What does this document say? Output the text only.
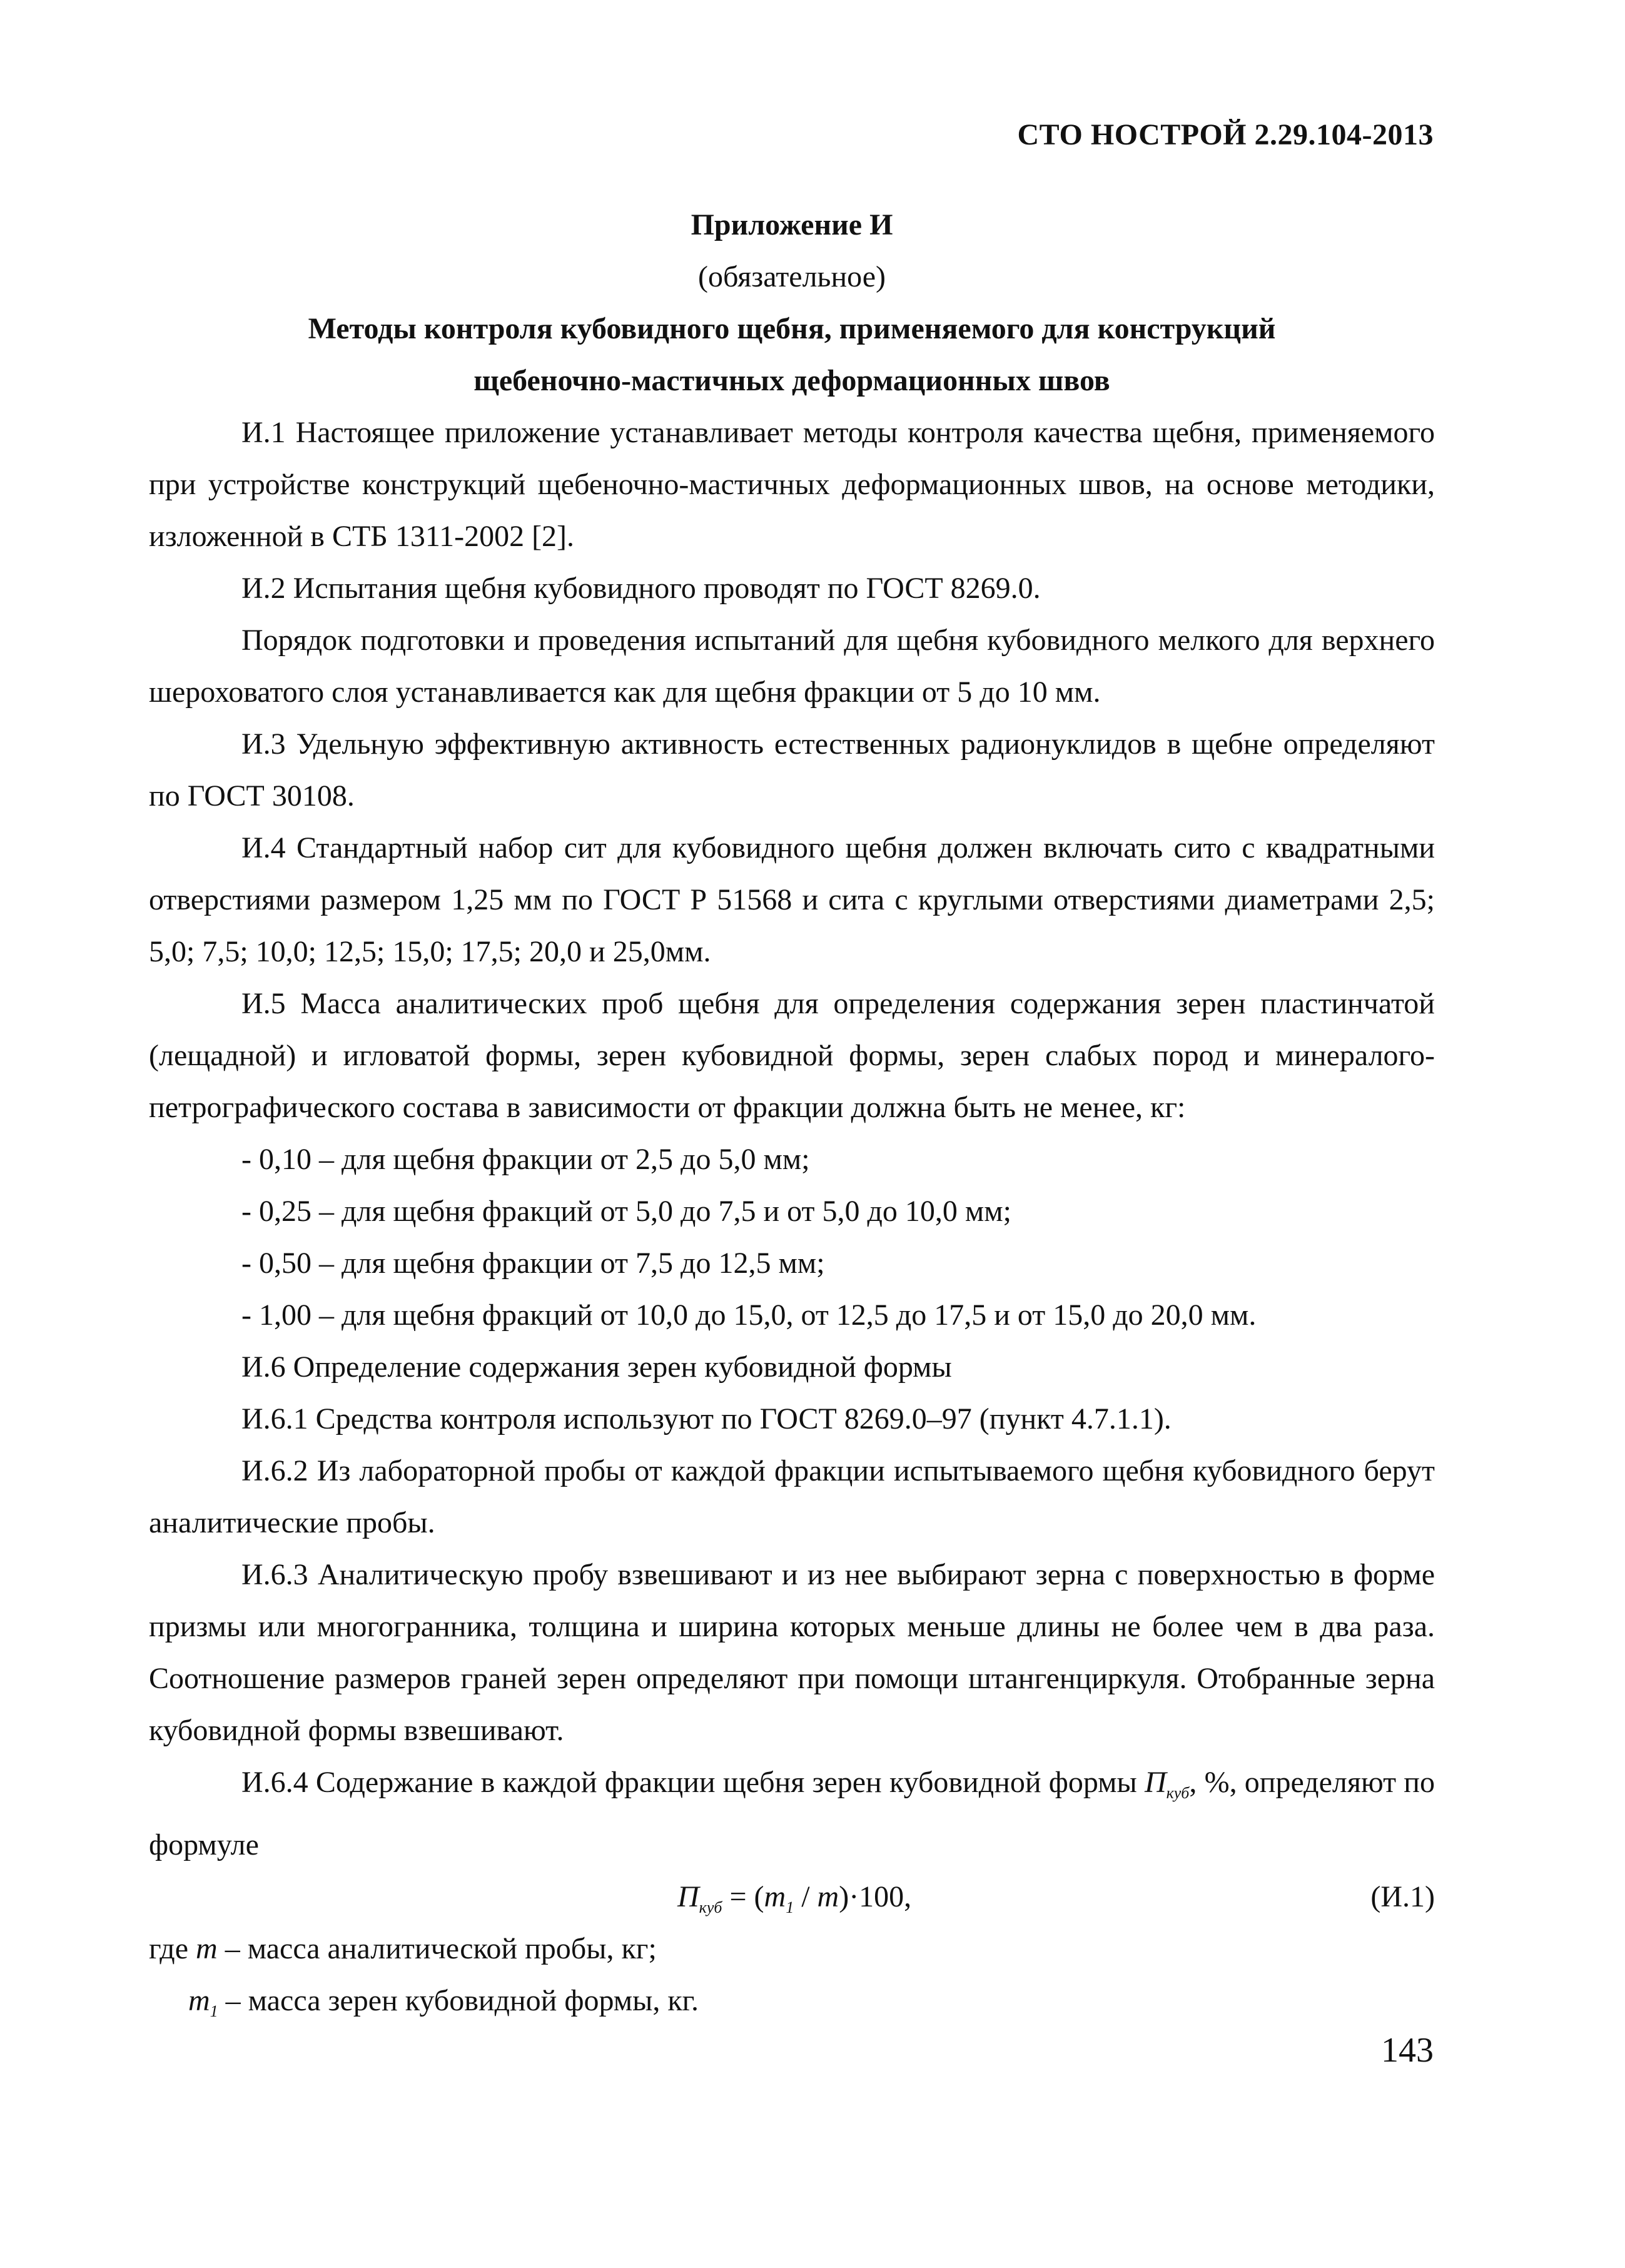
СТО НОСТРОЙ 2.29.104-2013

Приложение И

(обязательное)

Методы контроля кубовидного щебня, применяемого для конструкций

щебеночно-мастичных деформационных швов

И.1 Настоящее приложение устанавливает методы контроля качества щебня, применяемого при устройстве конструкций щебеночно-мастичных деформационных швов, на основе методики, изложенной в СТБ 1311-2002 [2].

И.2 Испытания щебня кубовидного проводят по ГОСТ 8269.0.

Порядок подготовки и проведения испытаний для щебня кубовидного мелкого для верхнего шероховатого слоя устанавливается как для щебня фракции от 5 до 10 мм.

И.3 Удельную эффективную активность естественных радионуклидов в щебне определяют по ГОСТ 30108.

И.4 Стандартный набор сит для кубовидного щебня должен включать сито с квадратными отверстиями размером 1,25 мм по ГОСТ Р 51568 и сита с круглыми отверстиями диаметрами 2,5; 5,0; 7,5; 10,0; 12,5; 15,0; 17,5; 20,0 и 25,0мм.

И.5 Масса аналитических проб щебня для определения содержания зерен пластинчатой (лещадной) и игловатой формы, зерен кубовидной формы, зерен слабых пород и минералого-петрографического состава в зависимости от фракции должна быть не менее, кг:

- 0,10 – для щебня фракции от 2,5 до 5,0 мм;

- 0,25 – для щебня фракций от 5,0 до 7,5 и от 5,0 до 10,0 мм;

- 0,50 – для щебня фракции от 7,5 до 12,5 мм;

- 1,00 – для щебня фракций от 10,0 до 15,0, от 12,5 до 17,5 и от 15,0 до 20,0 мм.

И.6 Определение содержания зерен кубовидной формы

И.6.1 Средства контроля используют по ГОСТ 8269.0–97 (пункт 4.7.1.1).

И.6.2 Из лабораторной пробы от каждой фракции испытываемого щебня кубовидного берут аналитические пробы.

И.6.3 Аналитическую пробу взвешивают и из нее выбирают зерна с поверхностью в форме призмы или многогранника, толщина и ширина которых меньше длины не более чем в два раза. Соотношение размеров граней зерен определяют при помощи штангенциркуля. Отобранные зерна кубовидной формы взвешивают.

И.6.4 Содержание в каждой фракции щебня зерен кубовидной формы $П_{куб}$, %, определяют по формуле

$П_{куб} = (m_1 / m)\cdot 100$,	(И.1)

где m – масса аналитической пробы, кг;

$m_1$ – масса зерен кубовидной формы, кг.

143
